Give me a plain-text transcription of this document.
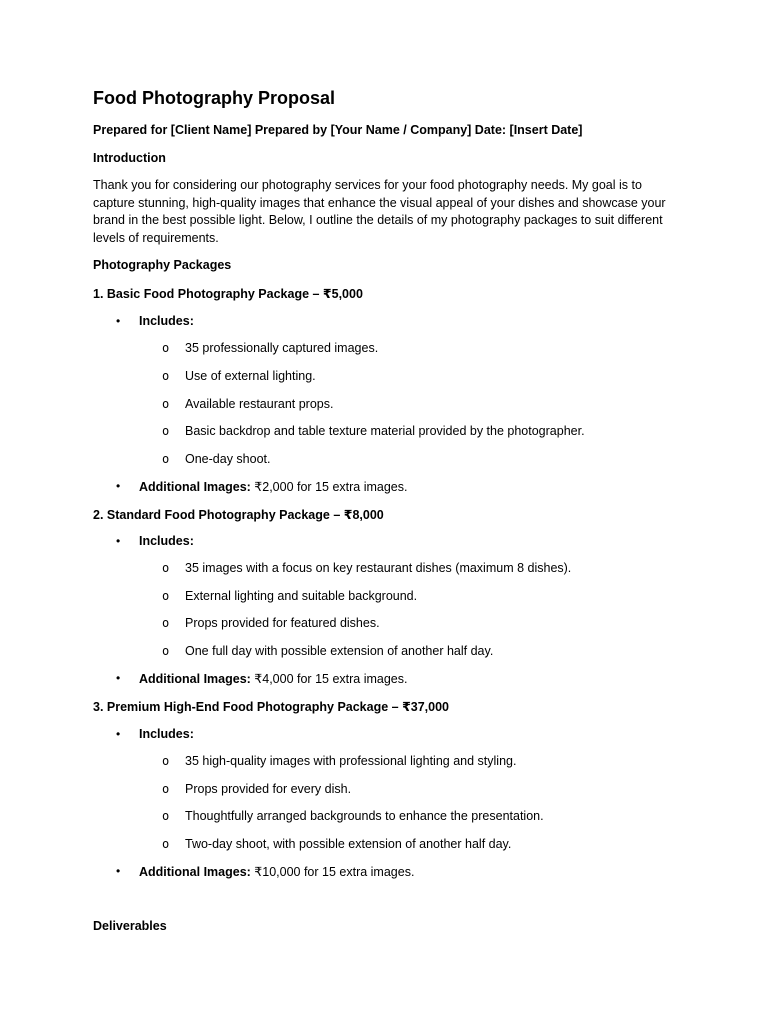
Food Photography Proposal

Prepared for [Client Name] Prepared by [Your Name / Company] Date: [Insert Date]

Introduction

Thank you for considering our photography services for your food photography needs. My goal is to capture stunning, high-quality images that enhance the visual appeal of your dishes and showcase your brand in the best possible light. Below, I outline the details of my photography packages to suit different levels of requirements.

Photography Packages

1. Basic Food Photography Package – ₹5,000

• Includes:

o 35 professionally captured images.

o Use of external lighting.

o Available restaurant props.

o Basic backdrop and table texture material provided by the photographer.

o One-day shoot.

• Additional Images: ₹2,000 for 15 extra images.

2. Standard Food Photography Package – ₹8,000

• Includes:

o 35 images with a focus on key restaurant dishes (maximum 8 dishes).

o External lighting and suitable background.

o Props provided for featured dishes.

o One full day with possible extension of another half day.

• Additional Images: ₹4,000 for 15 extra images.

3. Premium High-End Food Photography Package – ₹37,000

• Includes:

o 35 high-quality images with professional lighting and styling.

o Props provided for every dish.

o Thoughtfully arranged backgrounds to enhance the presentation.

o Two-day shoot, with possible extension of another half day.

• Additional Images: ₹10,000 for 15 extra images.

Deliverables
